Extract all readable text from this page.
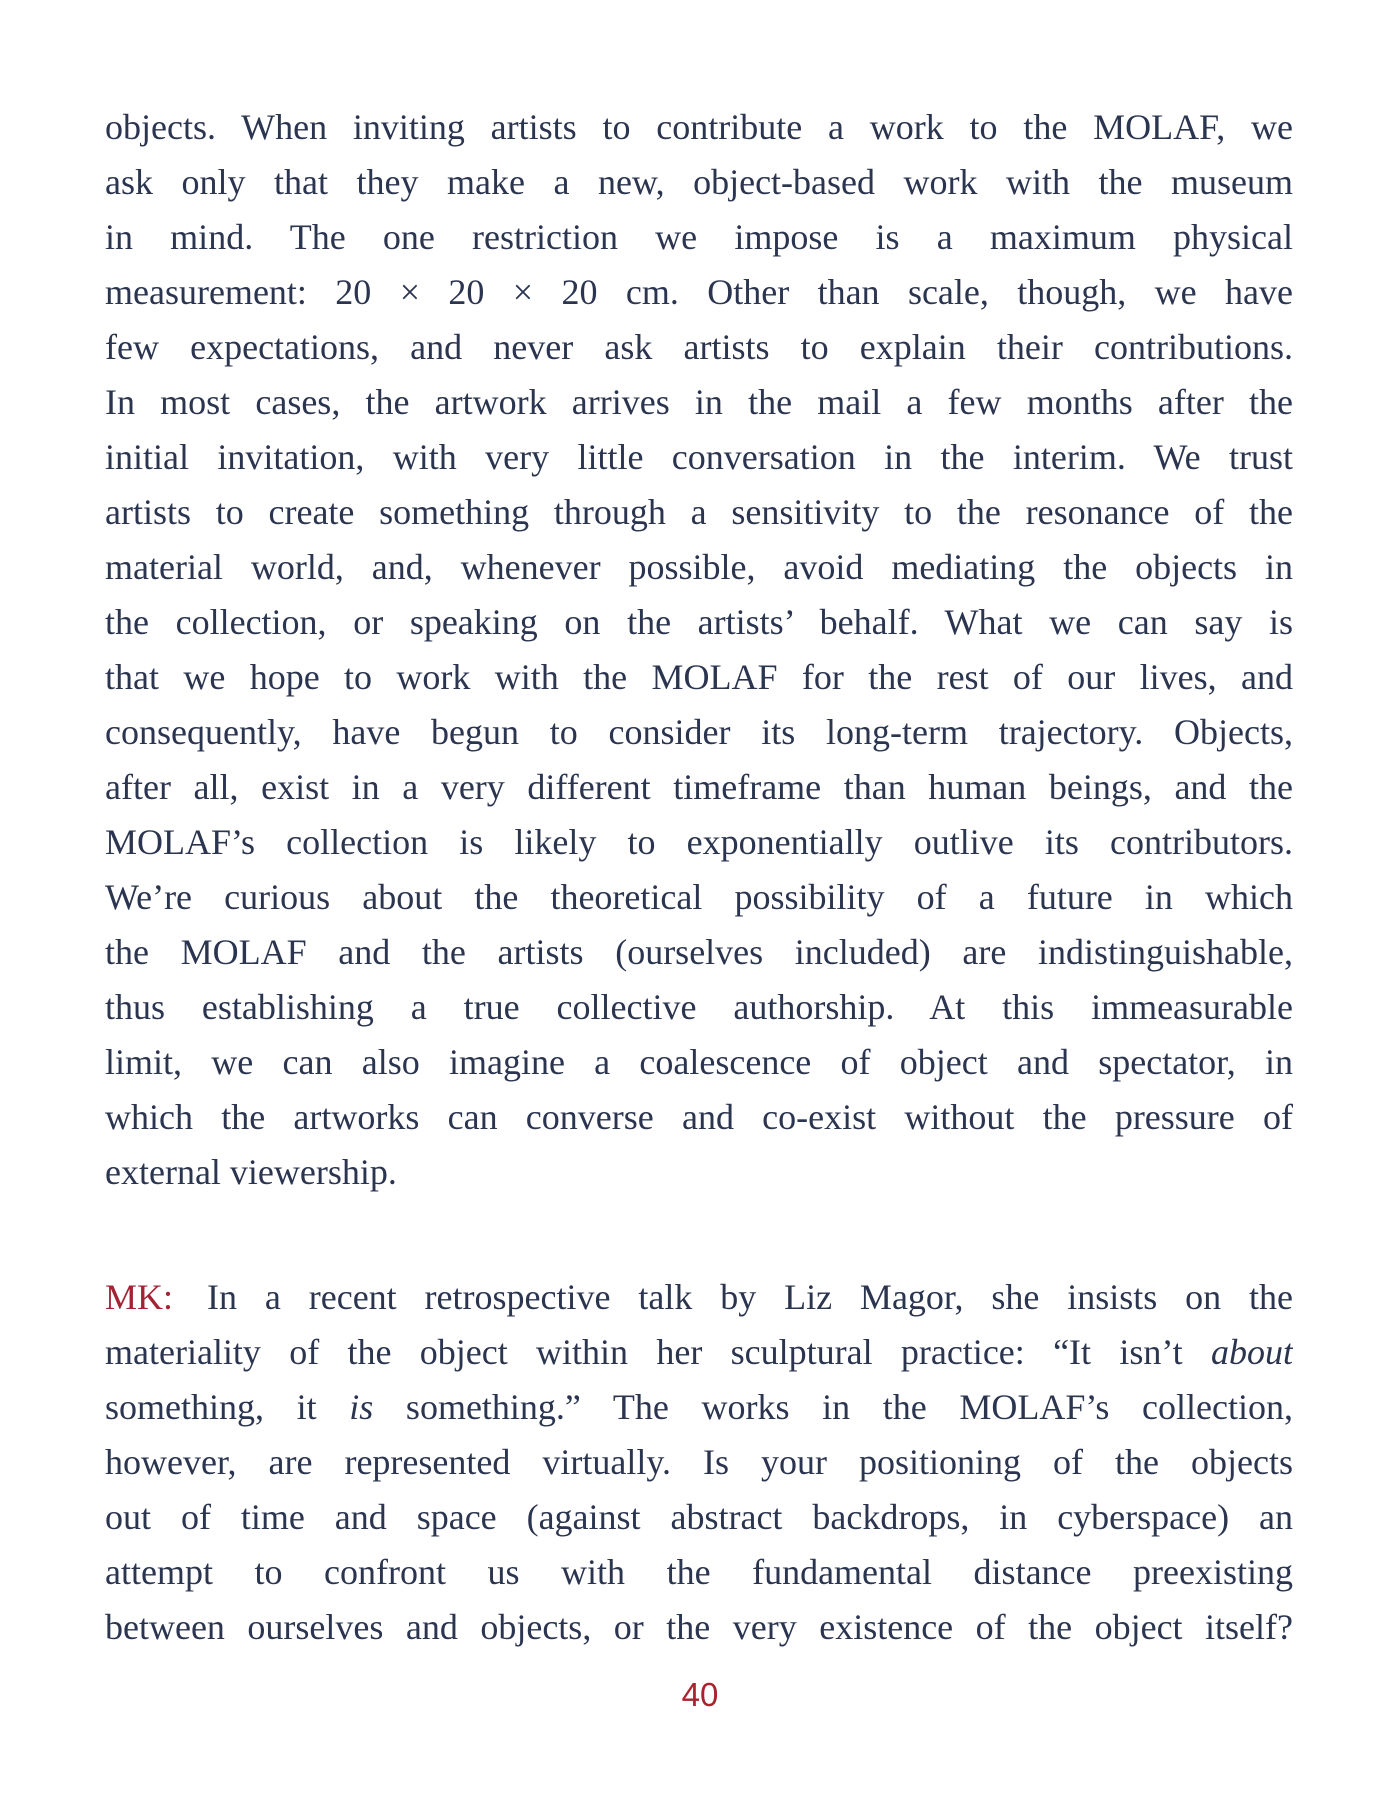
objects. When inviting artists to contribute a work to the MOLAF, we
ask only that they make a new, object-based work with the museum
in mind. The one restriction we impose is a maximum physical
measurement: 20 × 20 × 20 cm. Other than scale, though, we have
few expectations, and never ask artists to explain their contributions.
In most cases, the artwork arrives in the mail a few months after the
initial invitation, with very little conversation in the interim. We trust
artists to create something through a sensitivity to the resonance of the
material world, and, whenever possible, avoid mediating the objects in
the collection, or speaking on the artists’ behalf. What we can say is
that we hope to work with the MOLAF for the rest of our lives, and
consequently, have begun to consider its long-term trajectory. Objects,
after all, exist in a very different timeframe than human beings, and the
MOLAF’s collection is likely to exponentially outlive its contributors.
We’re curious about the theoretical possibility of a future in which
the MOLAF and the artists (ourselves included) are indistinguishable,
thus establishing a true collective authorship. At this immeasurable
limit, we can also imagine a coalescence of object and spectator, in
which the artworks can converse and co-exist without the pressure of
external viewership.
MK: In a recent retrospective talk by Liz Magor, she insists on the
materiality of the object within her sculptural practice: “It isn’t about
something, it is something.” The works in the MOLAF’s collection,
however, are represented virtually. Is your positioning of the objects
out of time and space (against abstract backdrops, in cyberspace) an
attempt to confront us with the fundamental distance preexisting
between ourselves and objects, or the very existence of the object itself?
40
